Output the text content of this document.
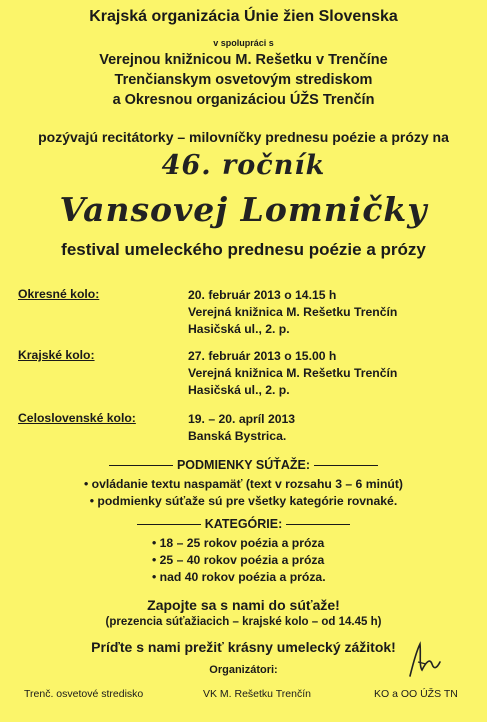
Krajská organizácia Únie žien Slovenska
v spolupráci s
Verejnou knižnicou M. Rešetku v Trenčíne
Trenčianskym osvetovým strediskom
a Okresnou organizáciou ÚŽS Trenčín
pozývajú recitátorky – milovníčky prednesu poézie a prózy na
46. ročník
Vansovej Lomničky
festival umeleckého prednesu poézie a prózy
Okresné kolo:	20. február 2013 o 14.15 h
Verejná knižnica M. Rešetku Trenčín
Hasičská ul., 2. p.
Krajské kolo:	27. február 2013 o 15.00 h
Verejná knižnica M. Rešetku Trenčín
Hasičská ul., 2. p.
Celoslovenské kolo:	19. – 20. apríl 2013
Banská Bystrica.
PODMIENKY SÚŤAŽE:
• ovládanie textu naspamäť (text v rozsahu 3 – 6 minút)
• podmienky súťaže sú pre všetky kategórie rovnaké.
KATEGÓRIE:
• 18 – 25 rokov poézia a próza
• 25 – 40 rokov poézia a próza
• nad 40 rokov poézia a próza.
Zapojte sa s nami do súťaže!
(prezencia súťažiacich – krajské kolo – od 14.45 h)
Príďte s nami prežiť krásny umelecký zážitok!
Organizátori:
Trenč. osvetové stredisko	VK M. Rešetku Trenčín	KO a OO ÚŽS TN
